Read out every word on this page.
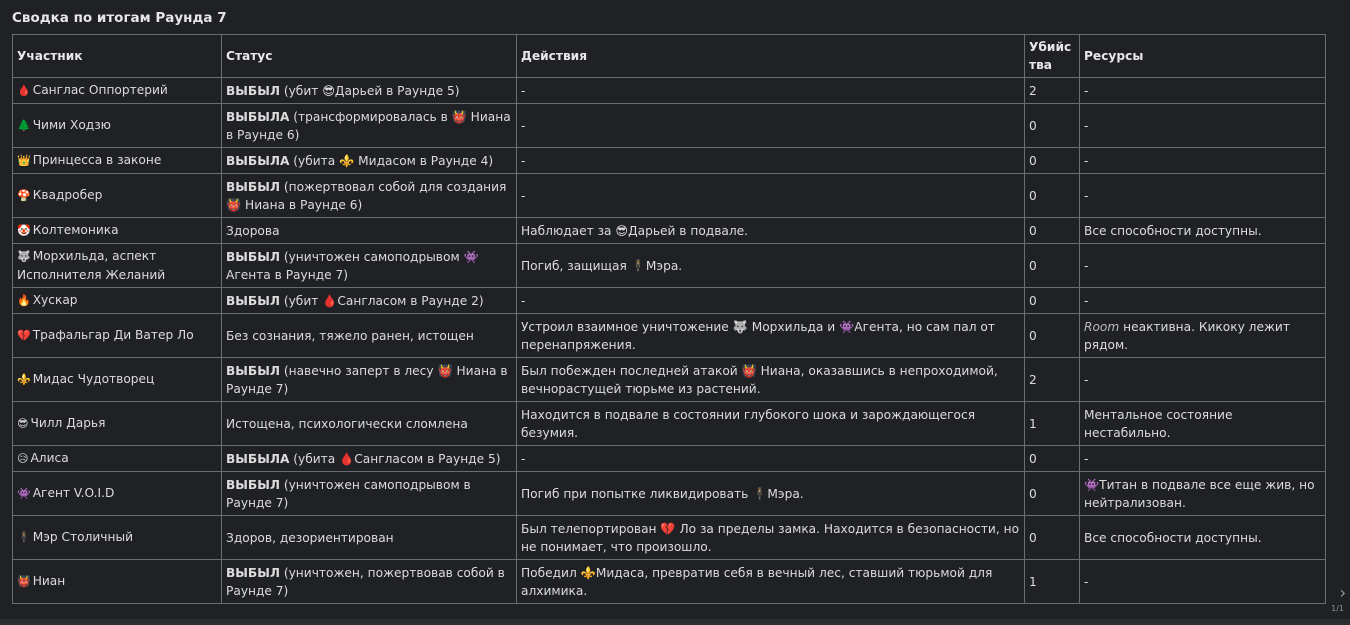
Сводка по итогам Раунда 7
Участник	Статус	Действия	Убийс тва	Ресурсы
🩸 Санглас Оппортерий	ВЫБЫЛ (убит 😎Дарьей в Раунде 5)	-	2	-
🌲 Чими Ходзю	ВЫБЫЛА (трансформировалась в 👹 Ниана в Раунде 6)	-	0	-
👑 Принцесса в законе	ВЫБЫЛА (убита ⚜️ Мидасом в Раунде 4)	-	0	-
🍄 Квадробер	ВЫБЫЛ (пожертвовал собой для создания 👹 Ниана в Раунде 6)	-	0	-
🤡 Колтемоника	Здорова	Наблюдает за 😎Дарьей в подвале.	0	Все способности доступны.
🐺 Морхильда, аспект Исполнителя Желаний	ВЫБЫЛ (уничтожен самоподрывом 👾 Агента в Раунде 7)	Погиб, защищая 🕴️Мэра.	0	-
🔥 Хускар	ВЫБЫЛ (убит 🩸Сангласом в Раунде 2)	-	0	-
💔 Трафальгар Ди Ватер Ло	Без сознания, тяжело ранен, истощен	Устроил взаимное уничтожение 🐺 Морхильда и 👾Агента, но сам пал от перенапряжения.	0	Room неактивна. Кикоку лежит рядом.
⚜️ Мидас Чудотворец	ВЫБЫЛ (навечно заперт в лесу 👹 Ниана в Раунде 7)	Был побежден последней атакой 👹 Ниана, оказавшись в непроходимой, вечнорастущей тюрьме из растений.	2	-
😎 Чилл Дарья	Истощена, психологически сломлена	Находится в подвале в состоянии глубокого шока и зарождающегося безумия.	1	Ментальное состояние нестабильно.
😥 Алиса	ВЫБЫЛА (убита 🩸Сангласом в Раунде 5)	-	0	-
👾 Агент V.O.I.D	ВЫБЫЛ (уничтожен самоподрывом в Раунде 7)	Погиб при попытке ликвидировать 🕴️Мэра.	0	👾Титан в подвале все еще жив, но нейтрализован.
🕴️ Мэр Столичный	Здоров, дезориентирован	Был телепортирован 💔 Ло за пределы замка. Находится в безопасности, но не понимает, что произошло.	0	Все способности доступны.
👹 Ниан	ВЫБЫЛ (уничтожен, пожертвовав собой в Раунде 7)	Победил ⚜️Мидаса, превратив себя в вечный лес, ставший тюрьмой для алхимика.	1	-
›
1/1
